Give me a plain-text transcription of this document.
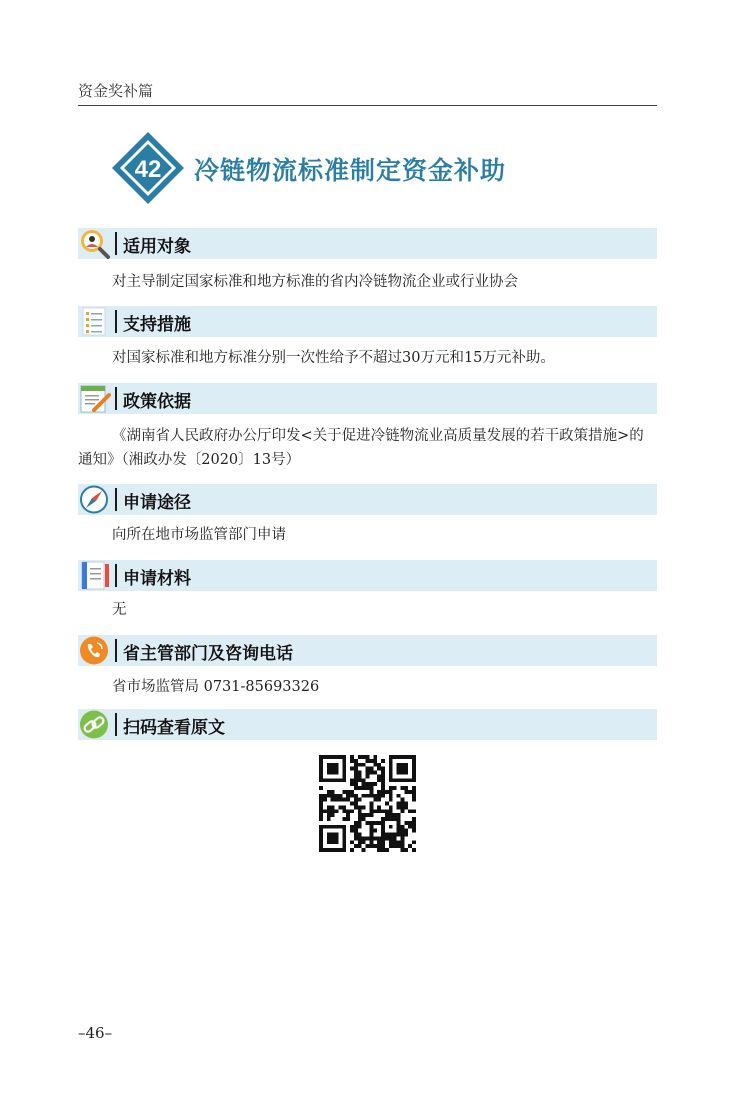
资金奖补篇
42 冷链物流标准制定资金补助
适用对象
对主导制定国家标准和地方标准的省内冷链物流企业或行业协会
支持措施
对国家标准和地方标准分别一次性给予不超过30万元和15万元补助。
政策依据
《湖南省人民政府办公厅印发<关于促进冷链物流业高质量发展的若干政策措施>的通知》（湘政办发〔2020〕13号）
申请途径
向所在地市场监管部门申请
申请材料
无
省主管部门及咨询电话
省市场监管局 0731-85693326
扫码查看原文
–46–
